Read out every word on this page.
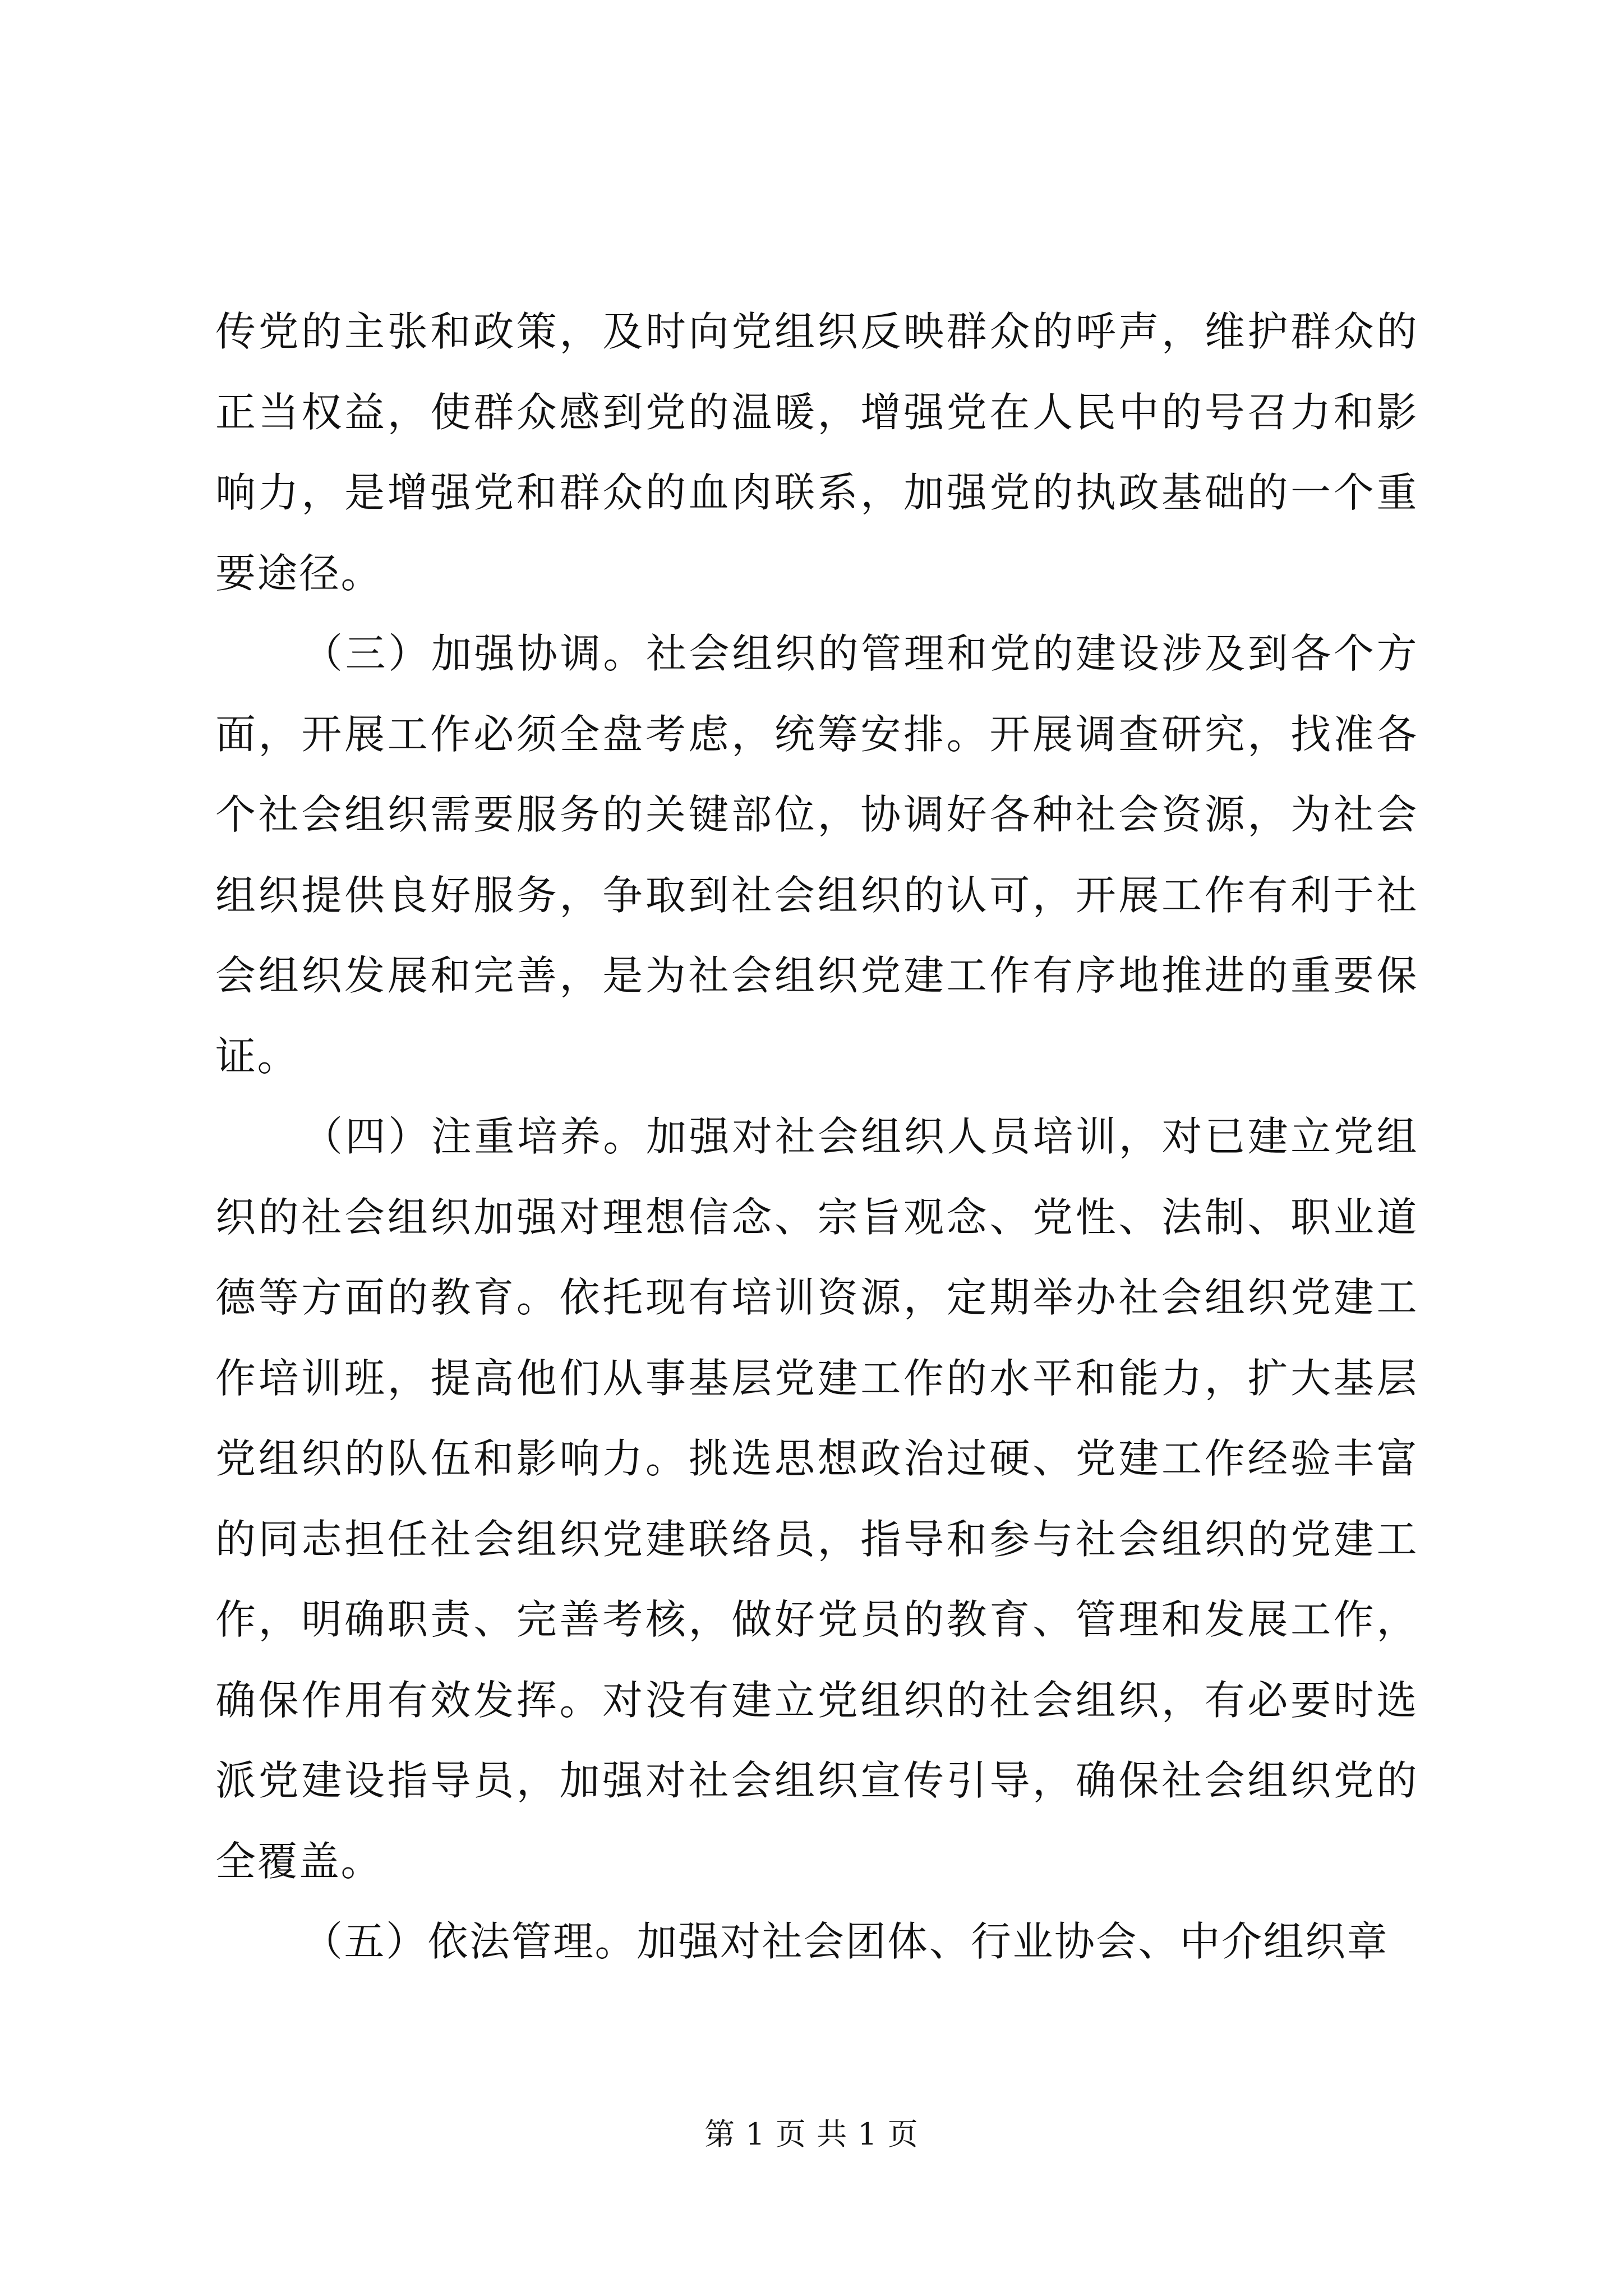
传党的主张和政策，及时向党组织反映群众的呼声，维护群众的正当权益，使群众感到党的温暖，增强党在人民中的号召力和影响力，是增强党和群众的血肉联系，加强党的执政基础的一个重要途径。

（三）加强协调。社会组织的管理和党的建设涉及到各个方面，开展工作必须全盘考虑，统筹安排。开展调查研究，找准各个社会组织需要服务的关键部位，协调好各种社会资源，为社会组织提供良好服务，争取到社会组织的认可，开展工作有利于社会组织发展和完善，是为社会组织党建工作有序地推进的重要保证。

（四）注重培养。加强对社会组织人员培训，对已建立党组织的社会组织加强对理想信念、宗旨观念、党性、法制、职业道德等方面的教育。依托现有培训资源，定期举办社会组织党建工作培训班，提高他们从事基层党建工作的水平和能力，扩大基层党组织的队伍和影响力。挑选思想政治过硬、党建工作经验丰富的同志担任社会组织党建联络员，指导和参与社会组织的党建工作，明确职责、完善考核，做好党员的教育、管理和发展工作，确保作用有效发挥。对没有建立党组织的社会组织，有必要时选派党建设指导员，加强对社会组织宣传引导，确保社会组织党的全覆盖。

（五）依法管理。加强对社会团体、行业协会、中介组织章

第 1 页 共 1 页
